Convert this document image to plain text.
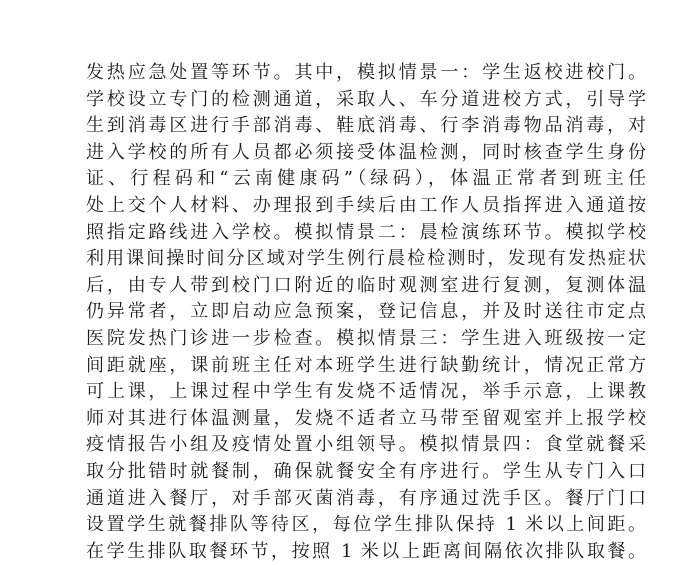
发热应急处置等环节。其中，模拟情景一：学生返校进校门。
学校设立专门的检测通道，采取人、车分道进校方式，引导学
生到消毒区进行手部消毒、鞋底消毒、行李消毒物品消毒，对
进入学校的所有人员都必须接受体温检测，同时核查学生身份
证、行程码和“云南健康码”（绿码），体温正常者到班主任
处上交个人材料、办理报到手续后由工作人员指挥进入通道按
照指定路线进入学校。模拟情景二：晨检演练环节。模拟学校
利用课间操时间分区域对学生例行晨检检测时，发现有发热症状
后，由专人带到校门口附近的临时观测室进行复测，复测体温
仍异常者，立即启动应急预案，登记信息，并及时送往市定点
医院发热门诊进一步检查。模拟情景三：学生进入班级按一定
间距就座，课前班主任对本班学生进行缺勤统计，情况正常方
可上课，上课过程中学生有发烧不适情况，举手示意，上课教
师对其进行体温测量，发烧不适者立马带至留观室并上报学校
疫情报告小组及疫情处置小组领导。模拟情景四：食堂就餐采
取分批错时就餐制，确保就餐安全有序进行。学生从专门入口
通道进入餐厅，对手部灭菌消毒，有序通过洗手区。餐厅门口
设置学生就餐排队等待区，每位学生排队保持 1 米以上间距。
在学生排队取餐环节，按照 1 米以上距离间隔依次排队取餐。
